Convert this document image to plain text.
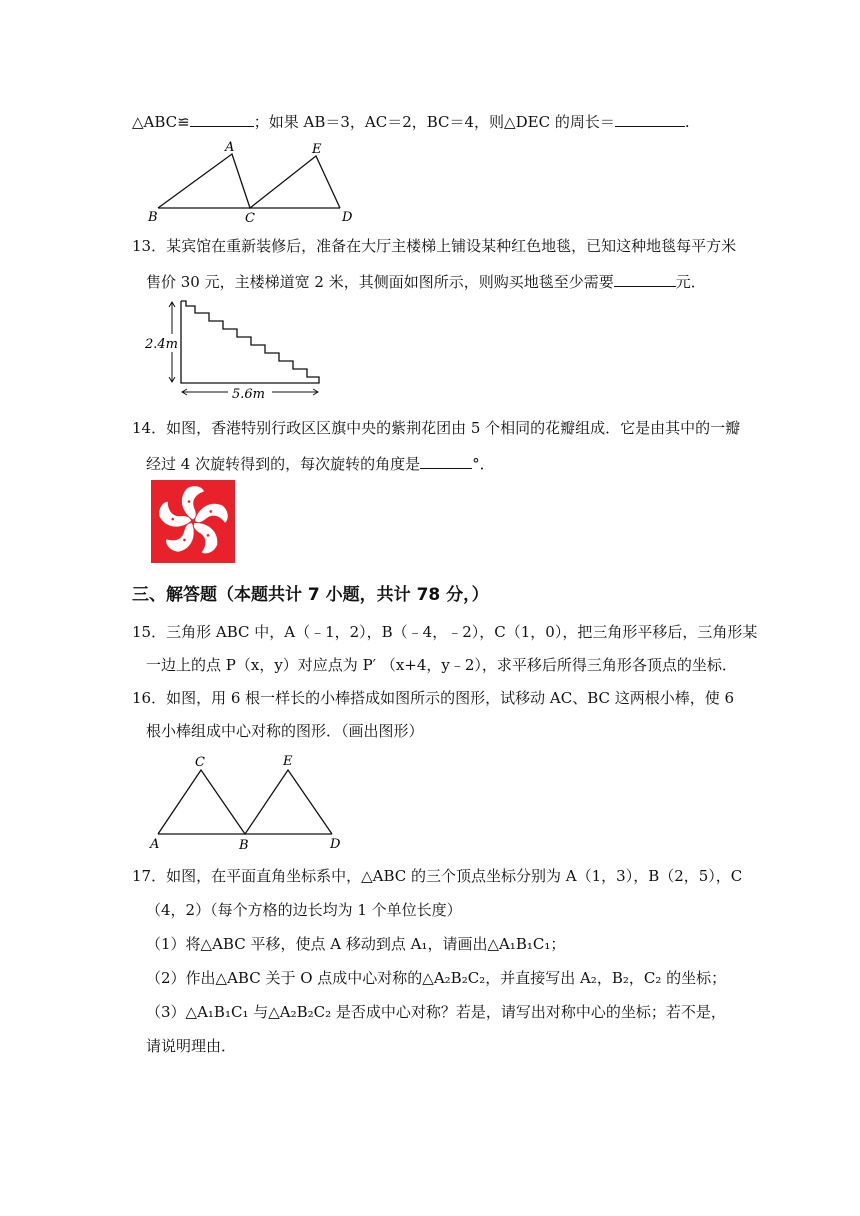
△ABC≌	；如果 AB＝3，AC＝2，BC＝4，则△DEC 的周长＝	.
A
B	C
E
D
13．某宾馆在重新装修后，准备在大厅主楼梯上铺设某种红色地毯，已知这种地毯每平方米
售价 30 元，主楼梯道宽 2 米，其侧面如图所示，则购买地毯至少需要	元．
2.4m
5.6m
14．如图，香港特别行政区区旗中央的紫荆花团由 5 个相同的花瓣组成．它是由其中的一瓣
经过 4 次旋转得到的，每次旋转的角度是	°．
三、解答题（本题共计 7 小题，共计 78 分，）
15．三角形 ABC 中，A（﹣1，2），B（﹣4，﹣2），C（1，0），把三角形平移后，三角形某
一边上的点 P（x，y）对应点为 P′ （x+4，y﹣2），求平移后所得三角形各顶点的坐标．
16．如图，用 6 根一样长的小棒搭成如图所示的图形，试移动 AC、BC 这两根小棒，使 6
根小棒组成中心对称的图形．（画出图形）
C	E
A	B	D
17．如图，在平面直角坐标系中，△ABC 的三个顶点坐标分别为 A（1，3），B（2，5），C
（4，2）（每个方格的边长均为 1 个单位长度）
（1）将△ABC 平移，使点 A 移动到点 A₁，请画出△A₁B₁C₁；
（2）作出△ABC 关于 O 点成中心对称的△A₂B₂C₂，并直接写出 A₂，B₂，C₂ 的坐标；
（3）△A₁B₁C₁ 与△A₂B₂C₂ 是否成中心对称？若是，请写出对称中心的坐标；若不是，
请说明理由．
